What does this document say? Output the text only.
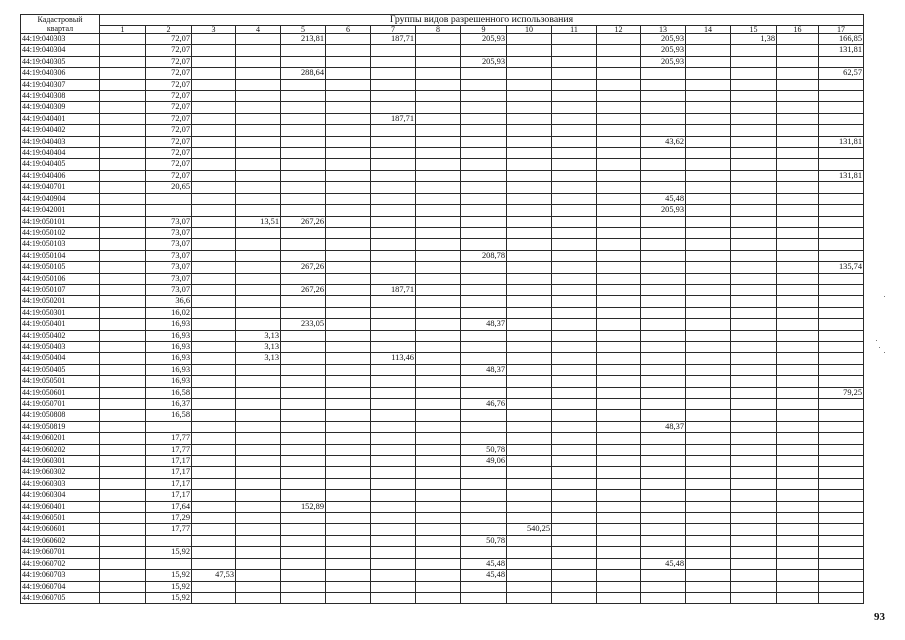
Кадастровый
квартал	Группы видов разрешенного использования																
	1	2	3	4	5	6	7	8	9	10	11	12	13	14	15	16	17
44:19:040303		72,07			213,81		187,71		205,93				205,93		1,38		166,85
44:19:040304		72,07											205,93				131,81
44:19:040305		72,07							205,93				205,93				
44:19:040306		72,07			288,64												62,57
44:19:040307		72,07															
44:19:040308		72,07															
44:19:040309		72,07															
44:19:040401		72,07					187,71										
44:19:040402		72,07															
44:19:040403		72,07											43,62				131,81
44:19:040404		72,07															
44:19:040405		72,07															
44:19:040406		72,07															131,81
44:19:040701		20,65															
44:19:040904													45,48				
44:19:042001													205,93				
44:19:050101		73,07		13,51	267,26												
44:19:050102		73,07															
44:19:050103		73,07															
44:19:050104		73,07							208,78								
44:19:050105		73,07			267,26												135,74
44:19:050106		73,07															
44:19:050107		73,07			267,26		187,71										
44:19:050201		36,6															
44:19:050301		16,02															
44:19:050401		16,93			233,05				48,37								
44:19:050402		16,93		3,13													
44:19:050403		16,93		3,13													
44:19:050404		16,93		3,13			113,46										
44:19:050405		16,93							48,37								
44:19:050501		16,93															
44:19:050601		16,58															79,25
44:19:050701		16,37							46,76								
44:19:050808		16,58															
44:19:050819													48,37				
44:19:060201		17,77															
44:19:060202		17,77							50,78								
44:19:060301		17,17							49,06								
44:19:060302		17,17															
44:19:060303		17,17															
44:19:060304		17,17															
44:19:060401		17,64			152,89												
44:19:060501		17,29															
44:19:060601		17,77								540,25							
44:19:060602									50,78								
44:19:060701		15,92															
44:19:060702									45,48				45,48				
44:19:060703		15,92	47,53						45,48								
44:19:060704		15,92															
44:19:060705		15,92															
93
